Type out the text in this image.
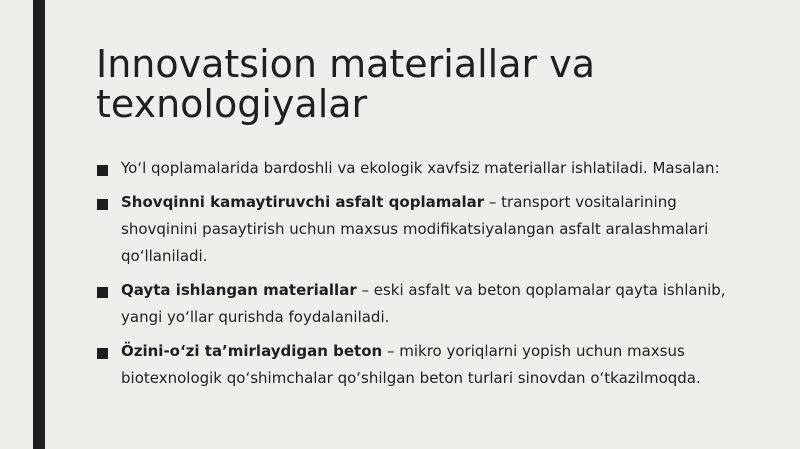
Innovatsion materiallar va texnologiyalar
Yo‘l qoplamalarida bardoshli va ekologik xavfsiz materiallar ishlatiladi. Masalan:
Shovqinni kamaytiruvchi asfalt qoplamalar – transport vositalarining shovqinini pasaytirish uchun maxsus modifikatsiyalangan asfalt aralashmalari qo‘llaniladi.
Qayta ishlangan materiallar – eski asfalt va beton qoplamalar qayta ishlanib, yangi yo‘llar qurishda foydalaniladi.
Özini-o‘zi ta’mirlaydigan beton – mikro yoriqlarni yopish uchun maxsus biotexnologik qo‘shimchalar qo‘shilgan beton turlari sinovdan o‘tkazilmoqda.
